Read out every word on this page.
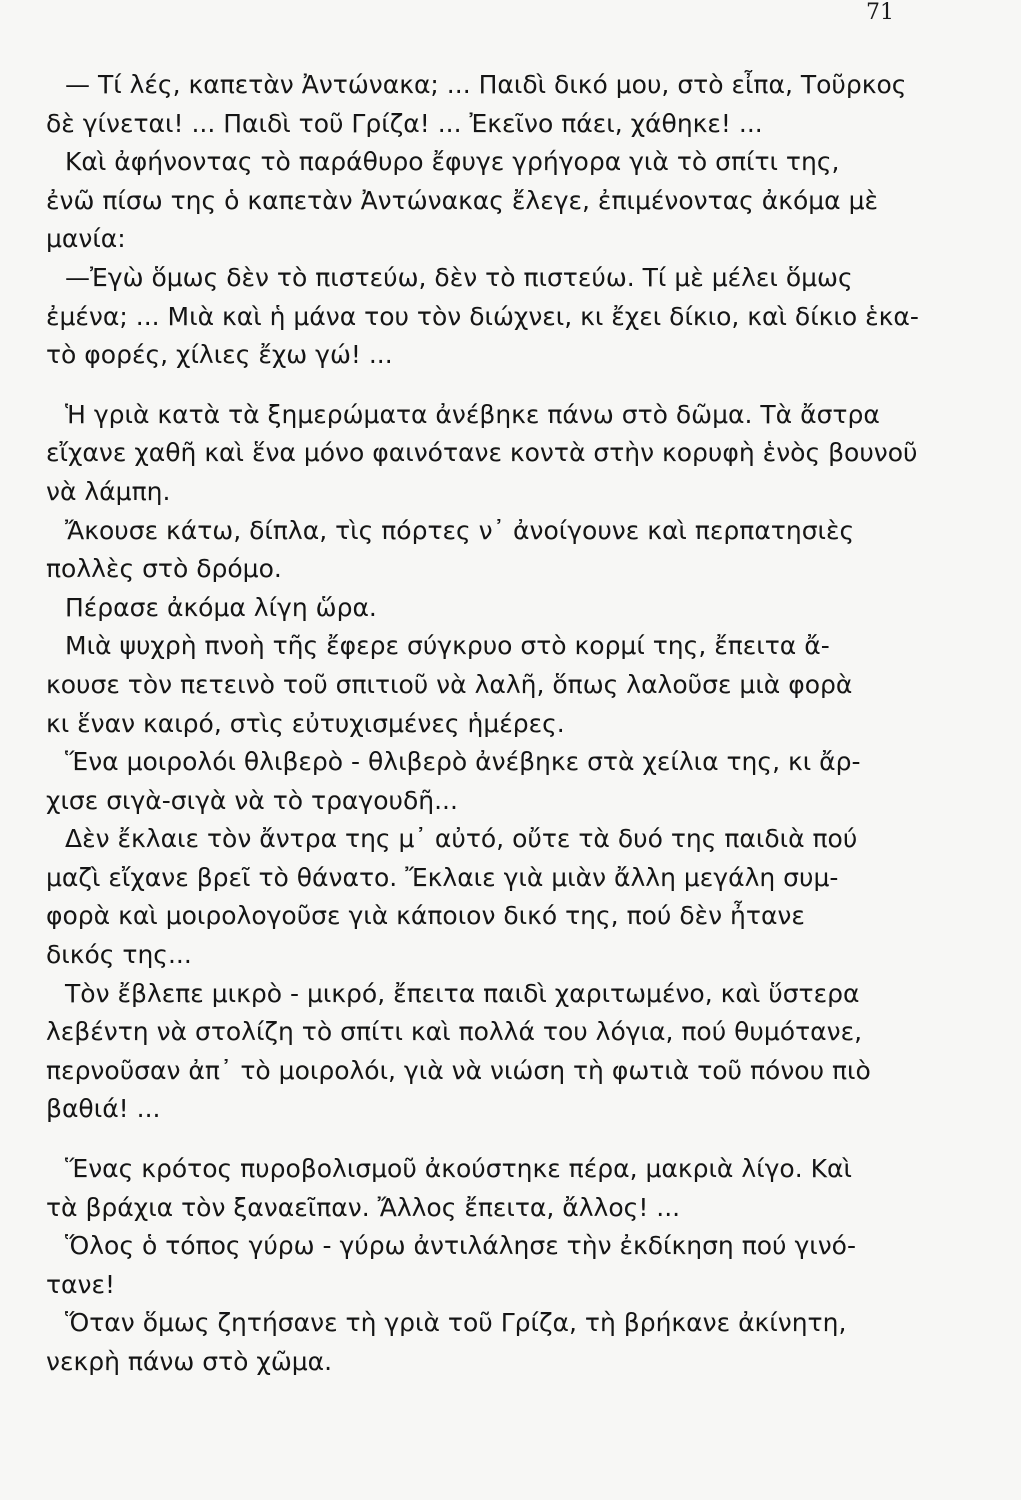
71
— Τί λές, καπετὰν Ἀντώνακα; ... Παιδὶ δικό μου, στὸ εἶπα, Τοῦρκος
δὲ γίνεται! ... Παιδὶ τοῦ Γρίζα! ... Ἐκεῖνο πάει, χάθηκε! ...
Καὶ ἀφήνοντας τὸ παράθυρο ἔφυγε γρήγορα γιὰ τὸ σπίτι της,
ἐνῶ πίσω της ὁ καπετὰν Ἀντώνακας ἔλεγε, ἐπιμένοντας ἀκόμα μὲ
μανία:
—Ἐγὼ ὅμως δὲν τὸ πιστεύω, δὲν τὸ πιστεύω. Τί μὲ μέλει ὅμως
ἐμένα; ... Μιὰ καὶ ἡ μάνα του τὸν διώχνει, κι ἔχει δίκιο, καὶ δίκιο ἑκα-
τὸ φορές, χίλιες ἔχω γώ! ...
Ἡ γριὰ κατὰ τὰ ξημερώματα ἀνέβηκε πάνω στὸ δῶμα. Τὰ ἄστρα
εἴχανε χαθῆ καὶ ἕνα μόνο φαινότανε κοντὰ στὴν κορυφὴ ἑνὸς βουνοῦ
νὰ λάμπη.
Ἄκουσε κάτω, δίπλα, τὶς πόρτες ν᾿ ἀνοίγουνε καὶ περπατησιὲς
πολλὲς στὸ δρόμο.
Πέρασε ἀκόμα λίγη ὥρα.
Μιὰ ψυχρὴ πνοὴ τῆς ἔφερε σύγκρυο στὸ κορμί της, ἔπειτα ἄ-
κουσε τὸν πετεινὸ τοῦ σπιτιοῦ νὰ λαλῆ, ὅπως λαλοῦσε μιὰ φορὰ
κι ἕναν καιρό, στὶς εὐτυχισμένες ἡμέρες.
Ἕνα μοιρολόι θλιβερὸ - θλιβερὸ ἀνέβηκε στὰ χείλια της, κι ἄρ-
χισε σιγὰ-σιγὰ νὰ τὸ τραγουδῆ...
Δὲν ἔκλαιε τὸν ἄντρα της μ᾿ αὐτό, οὔτε τὰ δυό της παιδιὰ πού
μαζὶ εἴχανε βρεῖ τὸ θάνατο. Ἔκλαιε γιὰ μιὰν ἄλλη μεγάλη συμ-
φορὰ καὶ μοιρολογοῦσε γιὰ κάποιον δικό της, πού δὲν ἦτανε
δικός της...
Τὸν ἔβλεπε μικρὸ - μικρό, ἔπειτα παιδὶ χαριτωμένο, καὶ ὕστερα
λεβέντη νὰ στολίζη τὸ σπίτι καὶ πολλά του λόγια, πού θυμότανε,
περνοῦσαν ἀπ᾿ τὸ μοιρολόι, γιὰ νὰ νιώση τὴ φωτιὰ τοῦ πόνου πιὸ
βαθιά! ...
Ἕνας κρότος πυροβολισμοῦ ἀκούστηκε πέρα, μακριὰ λίγο. Καὶ
τὰ βράχια τὸν ξαναεῖπαν. Ἄλλος ἔπειτα, ἄλλος! ...
Ὅλος ὁ τόπος γύρω - γύρω ἀντιλάλησε τὴν ἐκδίκηση πού γινό-
τανε!
Ὅταν ὅμως ζητήσανε τὴ γριὰ τοῦ Γρίζα, τὴ βρήκανε ἀκίνητη,
νεκρὴ πάνω στὸ χῶμα.
